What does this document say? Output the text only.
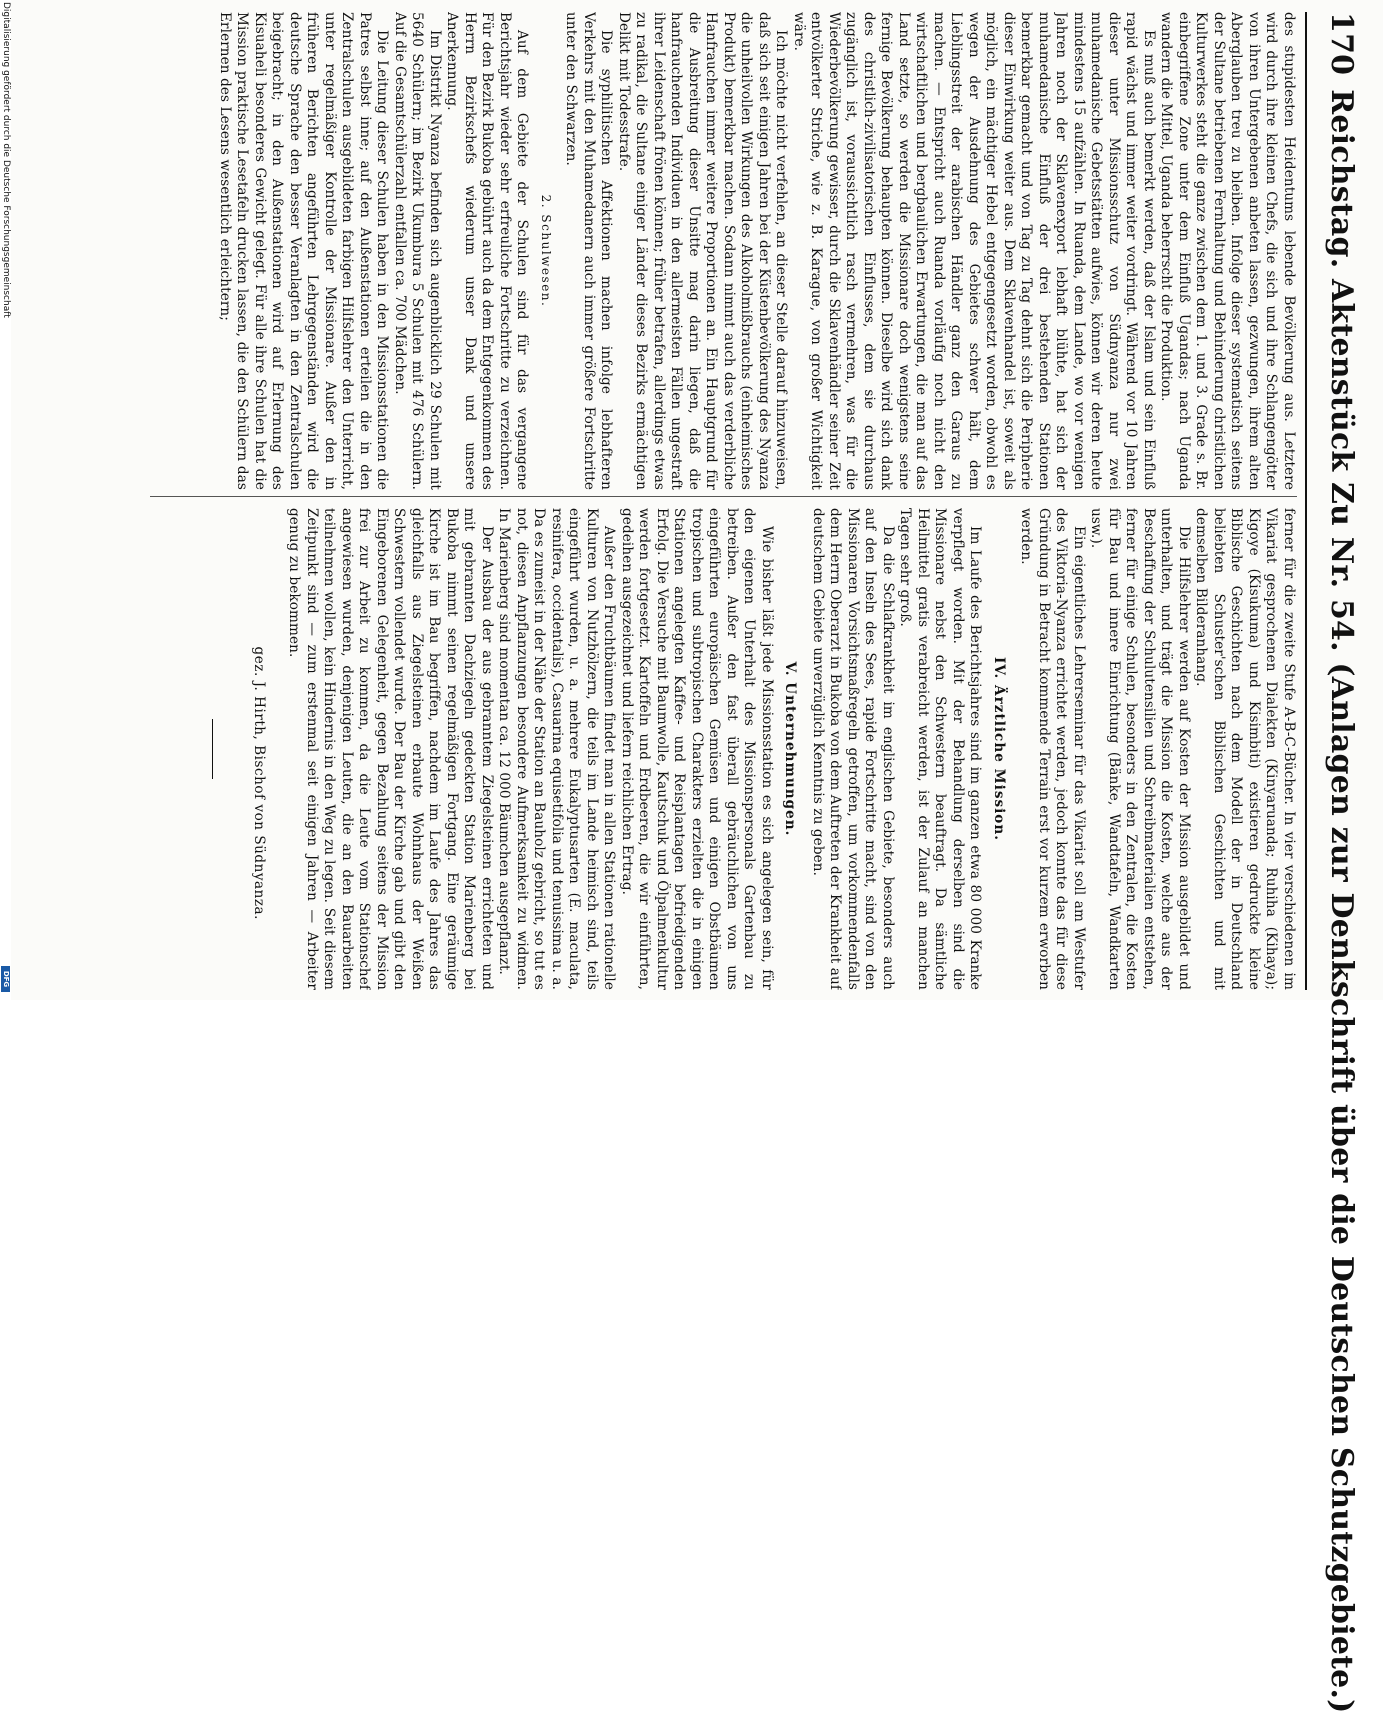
170
Reichstag. Aktenstück Zu Nr. 54. (Anlagen zur Denkschrift über die Deutschen Schutzgebiete.)

des stupidesten Heidentums lebende Bevölkerung aus. Letztere wird durch ihre kleinen Chefs, die sich und ihre Schlangengötter von ihren Untergebenen anbeten lassen, gezwungen, ihrem alten Aberglauben treu zu bleiben. Infolge dieser systematisch seitens der Sultane betriebenen Fernhaltung und Behinderung christlichen Kulturwerkes steht die ganze zwischen dem 1. und 3. Grade s. Br. einbegriffene Zone unter dem Einfluß Ugandas; nach Uganda wandern die Mittel, Uganda beherrscht die Produktion.

Es muß auch bemerkt werden, daß der Islam und sein Einfluß rapid wächst und immer weiter vordringt. Während vor 10 Jahren dieser unter Missionsschutz von Südnyanza nur zwei muhamedanische Gebetsstätten aufwies, können wir deren heute mindestens 15 aufzählen. In Ruanda, dem Lande, wo vor wenigen Jahren noch der Sklavenexport lebhaft blühte, hat sich der muhamedanische Einfluß der drei bestehenden Stationen bemerkbar gemacht und von Tag zu Tag dehnt sich die Peripherie dieser Einwirkung weiter aus. Dem Sklavenhandel ist, soweit als möglich, ein mächtiger Hebel entgegengesetzt worden, obwohl es wegen der Ausdehnung des Gebietes schwer hält, dem Lieblingsstreit der arabischen Händler ganz den Garaus zu machen. — Entspricht auch Ruanda vorläufig noch nicht den wirtschaftlichen und bergbaulichen Erwartungen, die man auf das Land setzte, so werden die Missionare doch wenigstens seine fernige Bevölkerung behaupten können. Dieselbe wird sich dank des christlich-zivilisatorischen Einflusses, dem sie durchaus zugänglich ist, voraussichtlich rasch vermehren, was für die Wiederbevölkerung gewisser, durch die Sklavenhändler seiner Zeit entvölkerter Striche, wie z. B. Karague, von großer Wichtigkeit wäre.

Ich möchte nicht verfehlen, an dieser Stelle darauf hinzuweisen, daß sich seit einigen Jahren bei der Küstenbevölkerung des Nyanza die unheilvollen Wirkungen des Alkoholmißbrauchs (einheimisches Produkt) bemerkbar machen. Sodann nimmt auch das verderbliche Hanfrauchen immer weitere Proportionen an. Ein Hauptgrund für die Ausbreitung dieser Unsitte mag darin liegen, daß die hanfrauchenden Individuen in den allermeisten Fällen ungestraft ihrer Leidenschaft frönen können; früher betrafen, allerdings etwas zu radikal, die Sultane einiger Länder dieses Bezirks ermächtigen Delikt mit Todesstrafe.

Die syphilitischen Affektionen machen infolge lebhafteren Verkehrs mit den Muhamedanern auch immer größere Fortschritte unter den Schwarzen.

2. Schulwesen.

Auf dem Gebiete der Schulen sind für das vergangene Berichtsjahr wieder sehr erfreuliche Fortschritte zu verzeichnen. Für den Bezirk Bukoba gebührt auch da dem Entgegenkommen des Herrn Bezirkschefs wiederum unser Dank und unsere Anerkennung.

Im Distrikt Nyanza befinden sich augenblicklich 29 Schulen mit 5640 Schülern; im Bezirk Ukumbura 5 Schulen mit 476 Schülern. Auf die Gesamtschülerzahl entfallen ca. 700 Mädchen.

Die Leitung dieser Schulen haben in den Missionsstationen die Patres selbst inne; auf den Außenstationen erteilen die in den Zentralschulen ausgebildeten farbigen Hilfslehrer den Unterricht, unter regelmäßiger Kontrolle der Missionare. Außer den in früheren Berichten angeführten Lehrgegenständen wird die deutsche Sprache den besser Veranlagten in den Zentralschulen beigebracht; in den Außenstationen wird auf Erlernung des Kisuaheli besonderes Gewicht gelegt. Für alle ihre Schulen hat die Mission praktische Lesetafeln drucken lassen, die den Schülern das Erlernen des Lesens wesentlich erleichtern;

ferner für die zweite Stufe A-B-C-Bücher. In vier verschiedenen im Vikariat gesprochenen Dialekten (Kinyaruanda; Ruhiha (Kihaya); Kigoye (Kisukuma) und Kisimbiti) existieren gedruckte kleine Biblische Geschichten nach dem Modell der in Deutschland beliebten Schuster'schen Biblischen Geschichten und mit demselben Bilderanhang.

Die Hilfslehrer werden auf Kosten der Mission ausgebildet und unterhalten, und trägt die Mission die Kosten, welche aus der Beschaffung der Schulutensilien und Schreibmaterialien entstehen, ferner für einige Schulen, besonders in den Zentralen, die Kosten für Bau und innere Einrichtung (Bänke, Wandtafeln, Wandkarten usw.).

Ein eigentliches Lehrerseminar für das Vikariat soll am Westufer des Viktoria-Nyanza errichtet werden, jedoch konnte das für diese Gründung in Betracht kommende Terrain erst vor kurzem erworben werden.

IV. Ärztliche Mission.

Im Laufe des Berichtsjahres sind im ganzen etwa 80 000 Kranke verpflegt worden. Mit der Behandlung derselben sind die Missionare nebst den Schwestern beauftragt. Da sämtliche Heilmittel gratis verabreicht werden, ist der Zulauf an manchen Tagen sehr groß.

Da die Schlafkrankheit im englischen Gebiete, besonders auch auf den Inseln des Sees, rapide Fortschritte macht, sind von den Missionaren Vorsichtsmaßregeln getroffen, um vorkommendenfalls dem Herrn Oberarzt in Bukoba von dem Auftreten der Krankheit auf deutschem Gebiete unverzüglich Kenntnis zu geben.

V. Unternehmungen.

Wie bisher läßt jede Missionsstation es sich angelegen sein, für den eigenen Unterhalt des Missionspersonals Gartenbau zu betreiben. Außer den fast überall gebräuchlichen von uns eingeführten europäischen Gemüsen und einigen Obstbäumen tropischen und subtropischen Charakters erzielten die in einigen Stationen angelegten Kaffee- und Reisplantagen befriedigenden Erfolg. Die Versuche mit Baumwolle, Kautschuk und Ölpalmenkultur werden fortgesetzt. Kartoffeln und Erdbeeren, die wir einführten, gedeihen ausgezeichnet und liefern reichlichen Ertrag.

Außer den Fruchtbäumen findet man in allen Stationen rationelle Kulturen von Nutzhölzern, die teils im Lande heimisch sind, teils eingeführt wurden, u. a. mehrere Eukalyptusarten (E. maculata, resinifera, occidentalis), Casuarina equisetifolia und tenuissima u. a. Da es zumeist in der Nähe der Station an Bauholz gebricht, so tut es not, diesen Anpflanzungen besondere Aufmerksamkeit zu widmen. In Marienberg sind momentan ca. 12 000 Bäumchen ausgepflanzt.

Der Ausbau der aus gebranntem Ziegelsteinen errichteten und mit gebrannten Dachziegeln gedeckten Station Marienberg bei Bukoba nimmt seinen regelmäßigen Fortgang. Eine geräumige Kirche ist im Bau begriffen, nachdem im Laufe des Jahres das gleichfalls aus Ziegelsteinen erbaute Wohnhaus der Weißen Schwestern vollendet wurde. Der Bau der Kirche gab und gibt den Eingeborenen Gelegenheit, gegen Bezahlung seitens der Mission frei zur Arbeit zu kommen, da die Leute vom Stationschef angewiesen wurden, denjenigen Leuten, die an den Bauarbeiten teilnehmen wollen, kein Hindernis in den Weg zu legen. Seit diesem Zeitpunkt sind — zum erstenmal seit einigen Jahren — Arbeiter genug zu bekommen.

gez. J. Hirth, Bischof von Südnyanza.
Digitalisierung gefördert durch die Deutsche Forschungsgemeinschaft
DFG
